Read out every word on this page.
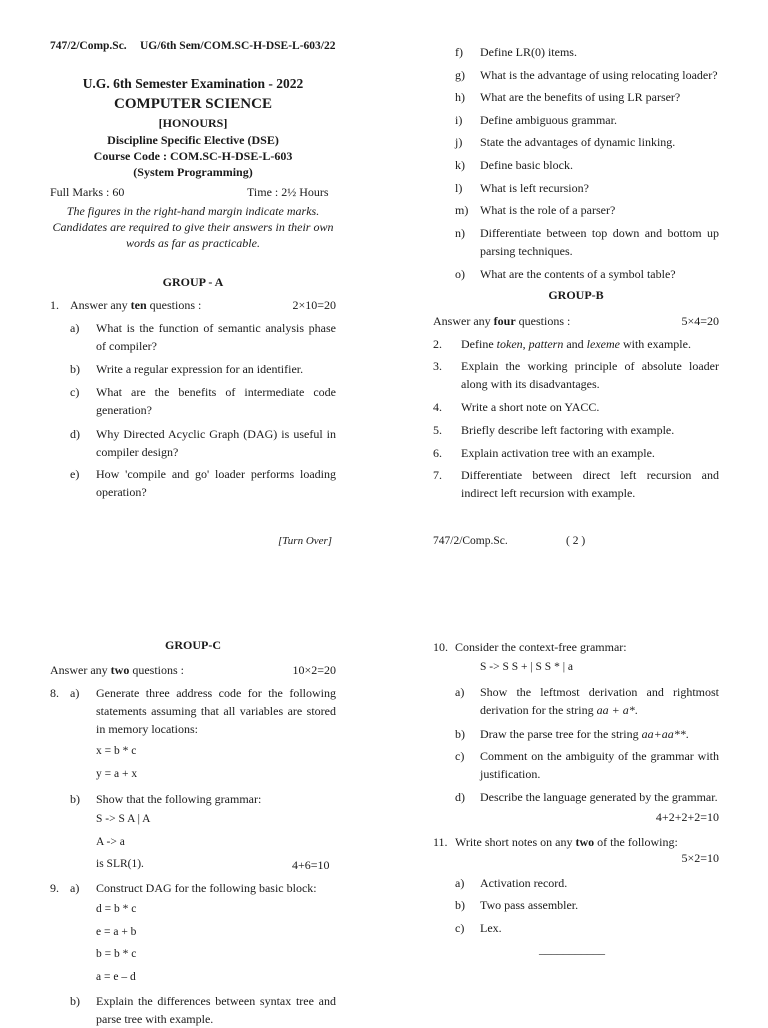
747/2/Comp.Sc. UG/6th Sem/COM.SC-H-DSE-L-603/22
U.G. 6th Semester Examination - 2022
COMPUTER SCIENCE
[HONOURS]
Discipline Specific Elective (DSE)
Course Code : COM.SC-H-DSE-L-603
(System Programming)
Full Marks : 60	Time : 2½ Hours
The figures in the right-hand margin indicate marks. Candidates are required to give their answers in their own words as far as practicable.
GROUP - A
1. Answer any ten questions :	2×10=20
a) What is the function of semantic analysis phase of compiler?
b) Write a regular expression for an identifier.
c) What are the benefits of intermediate code generation?
d) Why Directed Acyclic Graph (DAG) is useful in compiler design?
e) How 'compile and go' loader performs loading operation?
[Turn Over]
f) Define LR(0) items.
g) What is the advantage of using relocating loader?
h) What are the benefits of using LR parser?
i) Define ambiguous grammar.
j) State the advantages of dynamic linking.
k) Define basic block.
l) What is left recursion?
m) What is the role of a parser?
n) Differentiate between top down and bottom up parsing techniques.
o) What are the contents of a symbol table?
GROUP-B
Answer any four questions :	5×4=20
2. Define token, pattern and lexeme with example.
3. Explain the working principle of absolute loader along with its disadvantages.
4. Write a short note on YACC.
5. Briefly describe left factoring with example.
6. Explain activation tree with an example.
7. Differentiate between direct left recursion and indirect left recursion with example.
747/2/Comp.Sc.	( 2 )
GROUP-C
Answer any two questions :	10×2=20
8. a) Generate three address code for the following statements assuming that all variables are stored in memory locations:
x = b * c
y = a + x
b) Show that the following grammar:
S -> S A | A
A -> a
is SLR(1).	4+6=10
9. a) Construct DAG for the following basic block:
d = b * c
e = a + b
b = b * c
a = e – d
b) Explain the differences between syntax tree and parse tree with example.
10. Consider the context-free grammar:
S -> S S + | S S * | a
a) Show the leftmost derivation and rightmost derivation for the string aa + a*.
b) Draw the parse tree for the string aa+aa**.
c) Comment on the ambiguity of the grammar with justification.
d) Describe the language generated by the grammar.
4+2+2+2=10
11. Write short notes on any two of the following:
5×2=10
a) Activation record.
b) Two pass assembler.
c) Lex.
___________
